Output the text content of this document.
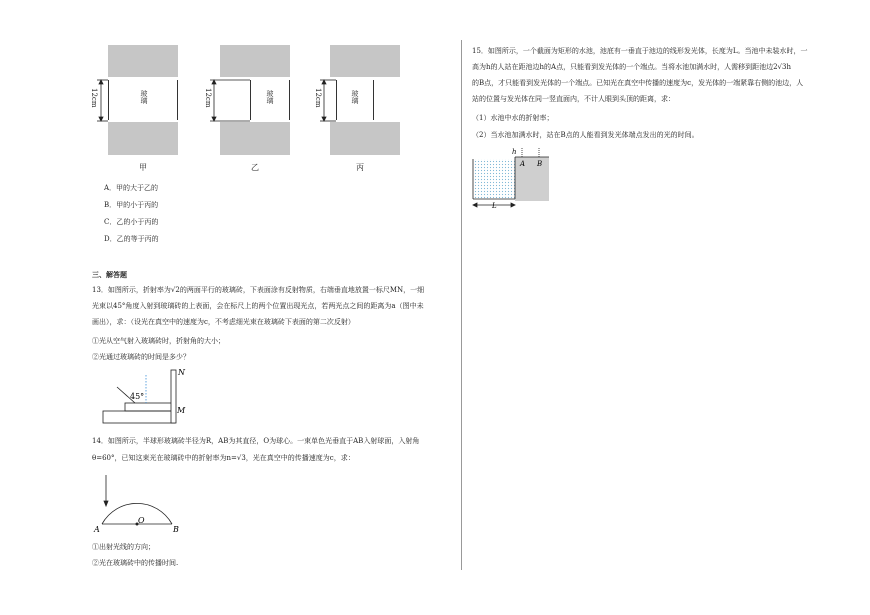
玻璃
12cm
甲
玻璃
12cm
乙
玻璃
12cm
丙
A．甲的大于乙的
B．甲的小于丙的
C．乙的小于丙的
D．乙的等于丙的
三、解答题
13．如图所示，折射率为√2的两面平行的玻璃砖，下表面涂有反射物质，右端垂直地放置一标尺MN，一细
光束以45°角度入射到玻璃砖的上表面，会在标尺上的两个位置出现光点，若两光点之间的距离为a（图中未
画出），求：（设光在真空中的速度为c，不考虑细光束在玻璃砖下表面的第二次反射）
①光从空气射入玻璃砖时，折射角的大小；
②光通过玻璃砖的时间是多少？
45°
N
M
14．如图所示，半球形玻璃砖半径为R，AB为其直径，O为球心。一束单色光垂直于AB入射球面，入射角
θ=60°，已知这束光在玻璃砖中的折射率为n=√3，光在真空中的传播速度为c，求：
A
O
B
①出射光线的方向；
②光在玻璃砖中的传播时间.
15．如图所示，一个截面为矩形的水池，池底有一垂直于池边的线形发光体，长度为L。当池中未装水时，一
高为h的人站在距池边h的A点，只能看到发光体的一个端点。当将水池加满水时，人需移到距池边2√3h
的B点，才只能看到发光体的一个端点。已知光在真空中传播的速度为c，发光体的一端紧靠右侧的池边，人
站的位置与发光体在同一竖直面内，不计人眼到头顶的距离，求：
（1）水池中水的折射率；
（2）当水池加满水时，站在B点的人能看到发光体端点发出的光的时间。
h
A B
L
